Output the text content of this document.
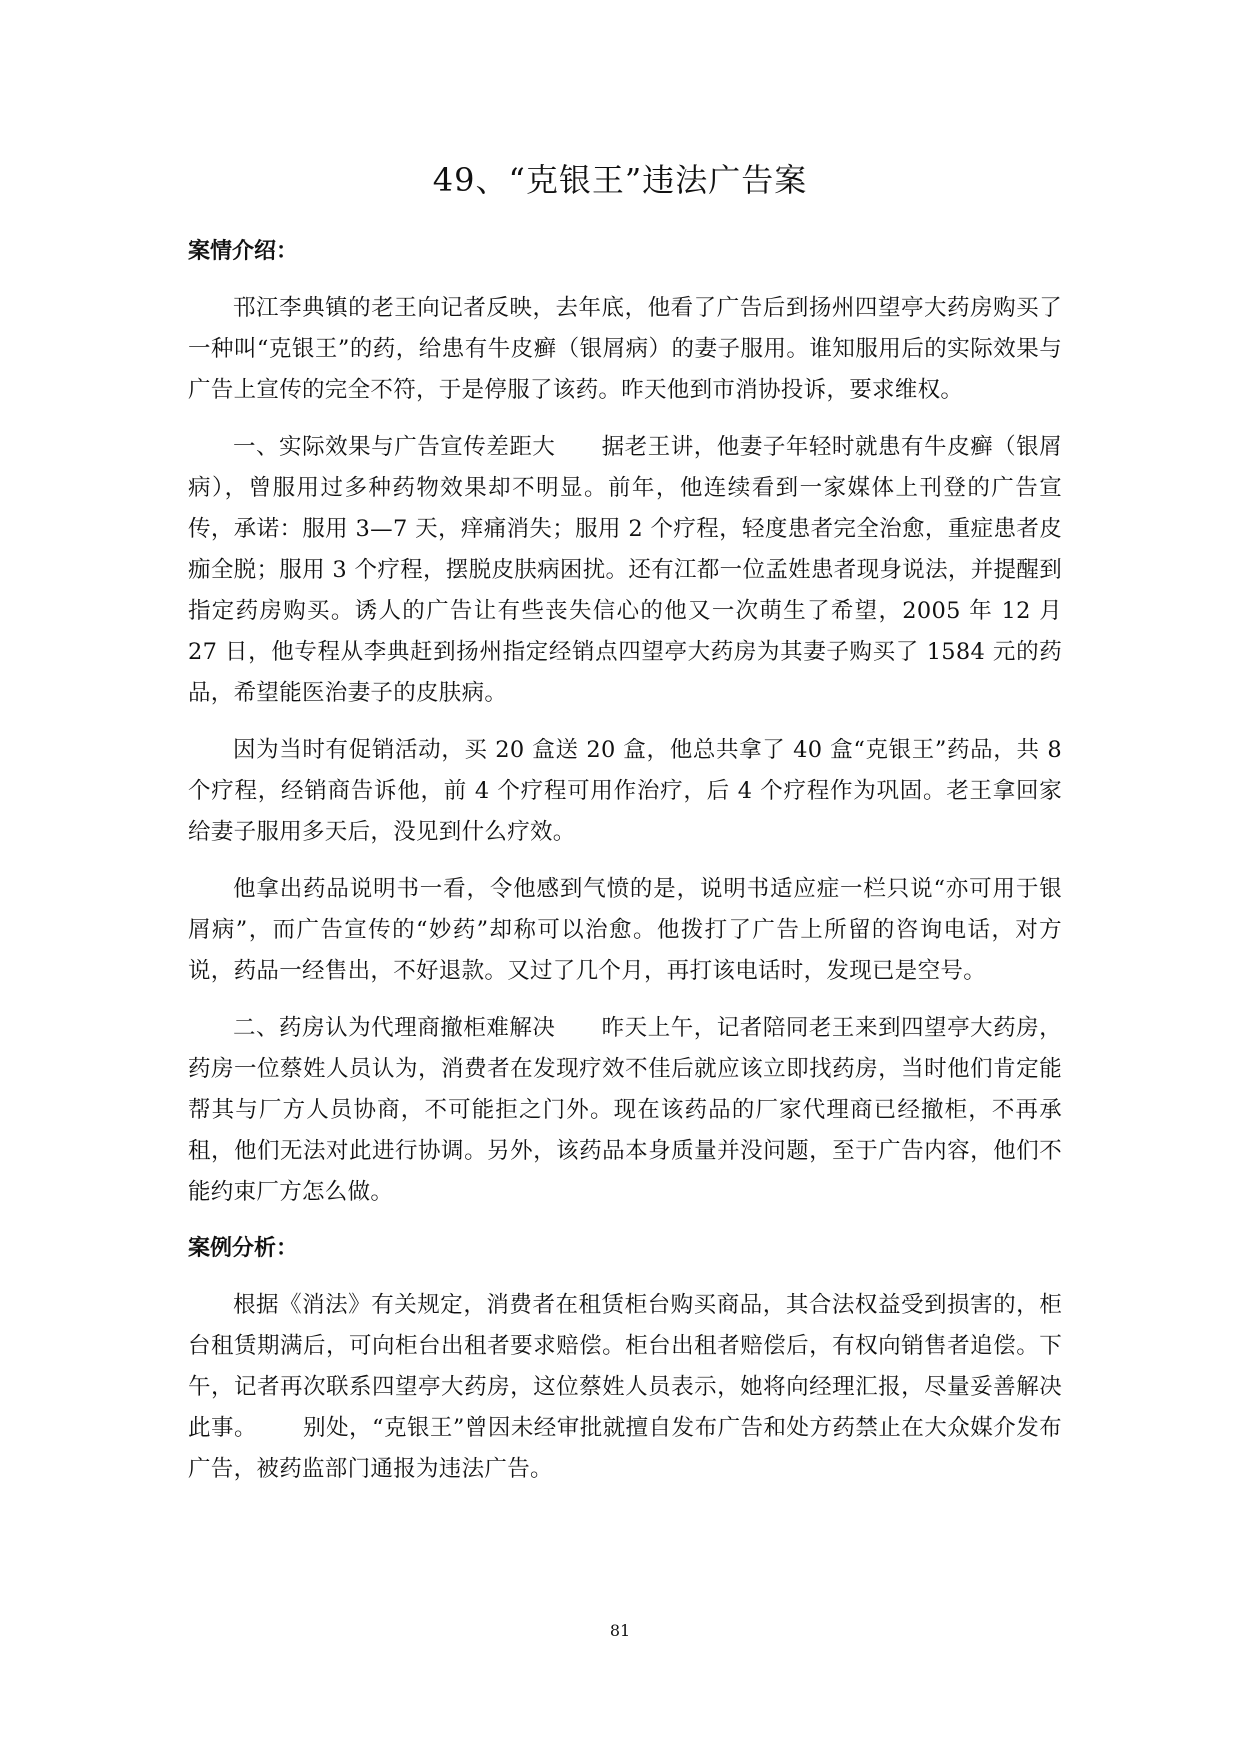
49、“克银王”违法广告案
案情介绍：

邗江李典镇的老王向记者反映，去年底，他看了广告后到扬州四望亭大药房购买了一种叫“克银王”的药，给患有牛皮癣（银屑病）的妻子服用。谁知服用后的实际效果与广告上宣传的完全不符，于是停服了该药。昨天他到市消协投诉，要求维权。

一、实际效果与广告宣传差距大 据老王讲，他妻子年轻时就患有牛皮癣（银屑病），曾服用过多种药物效果却不明显。前年，他连续看到一家媒体上刊登的广告宣传，承诺：服用 3—7 天，痒痛消失；服用 2 个疗程，轻度患者完全治愈，重症患者皮痂全脱；服用 3 个疗程，摆脱皮肤病困扰。还有江都一位孟姓患者现身说法，并提醒到指定药房购买。诱人的广告让有些丧失信心的他又一次萌生了希望，2005 年 12 月 27 日，他专程从李典赶到扬州指定经销点四望亭大药房为其妻子购买了 1584 元的药品，希望能医治妻子的皮肤病。

因为当时有促销活动，买 20 盒送 20 盒，他总共拿了 40 盒“克银王”药品，共 8 个疗程，经销商告诉他，前 4 个疗程可用作治疗，后 4 个疗程作为巩固。老王拿回家给妻子服用多天后，没见到什么疗效。

他拿出药品说明书一看，令他感到气愤的是，说明书适应症一栏只说“亦可用于银屑病”，而广告宣传的“妙药”却称可以治愈。他拨打了广告上所留的咨询电话，对方说，药品一经售出，不好退款。又过了几个月，再打该电话时，发现已是空号。

二、药房认为代理商撤柜难解决 昨天上午，记者陪同老王来到四望亭大药房，药房一位蔡姓人员认为，消费者在发现疗效不佳后就应该立即找药房，当时他们肯定能帮其与厂方人员协商，不可能拒之门外。现在该药品的厂家代理商已经撤柜，不再承租，他们无法对此进行协调。另外，该药品本身质量并没问题，至于广告内容，他们不能约束厂方怎么做。

案例分析：

根据《消法》有关规定，消费者在租赁柜台购买商品，其合法权益受到损害的，柜台租赁期满后，可向柜台出租者要求赔偿。柜台出租者赔偿后，有权向销售者追偿。下午，记者再次联系四望亭大药房，这位蔡姓人员表示，她将向经理汇报，尽量妥善解决此事。 别处，“克银王”曾因未经审批就擅自发布广告和处方药禁止在大众媒介发布广告，被药监部门通报为违法广告。

81
